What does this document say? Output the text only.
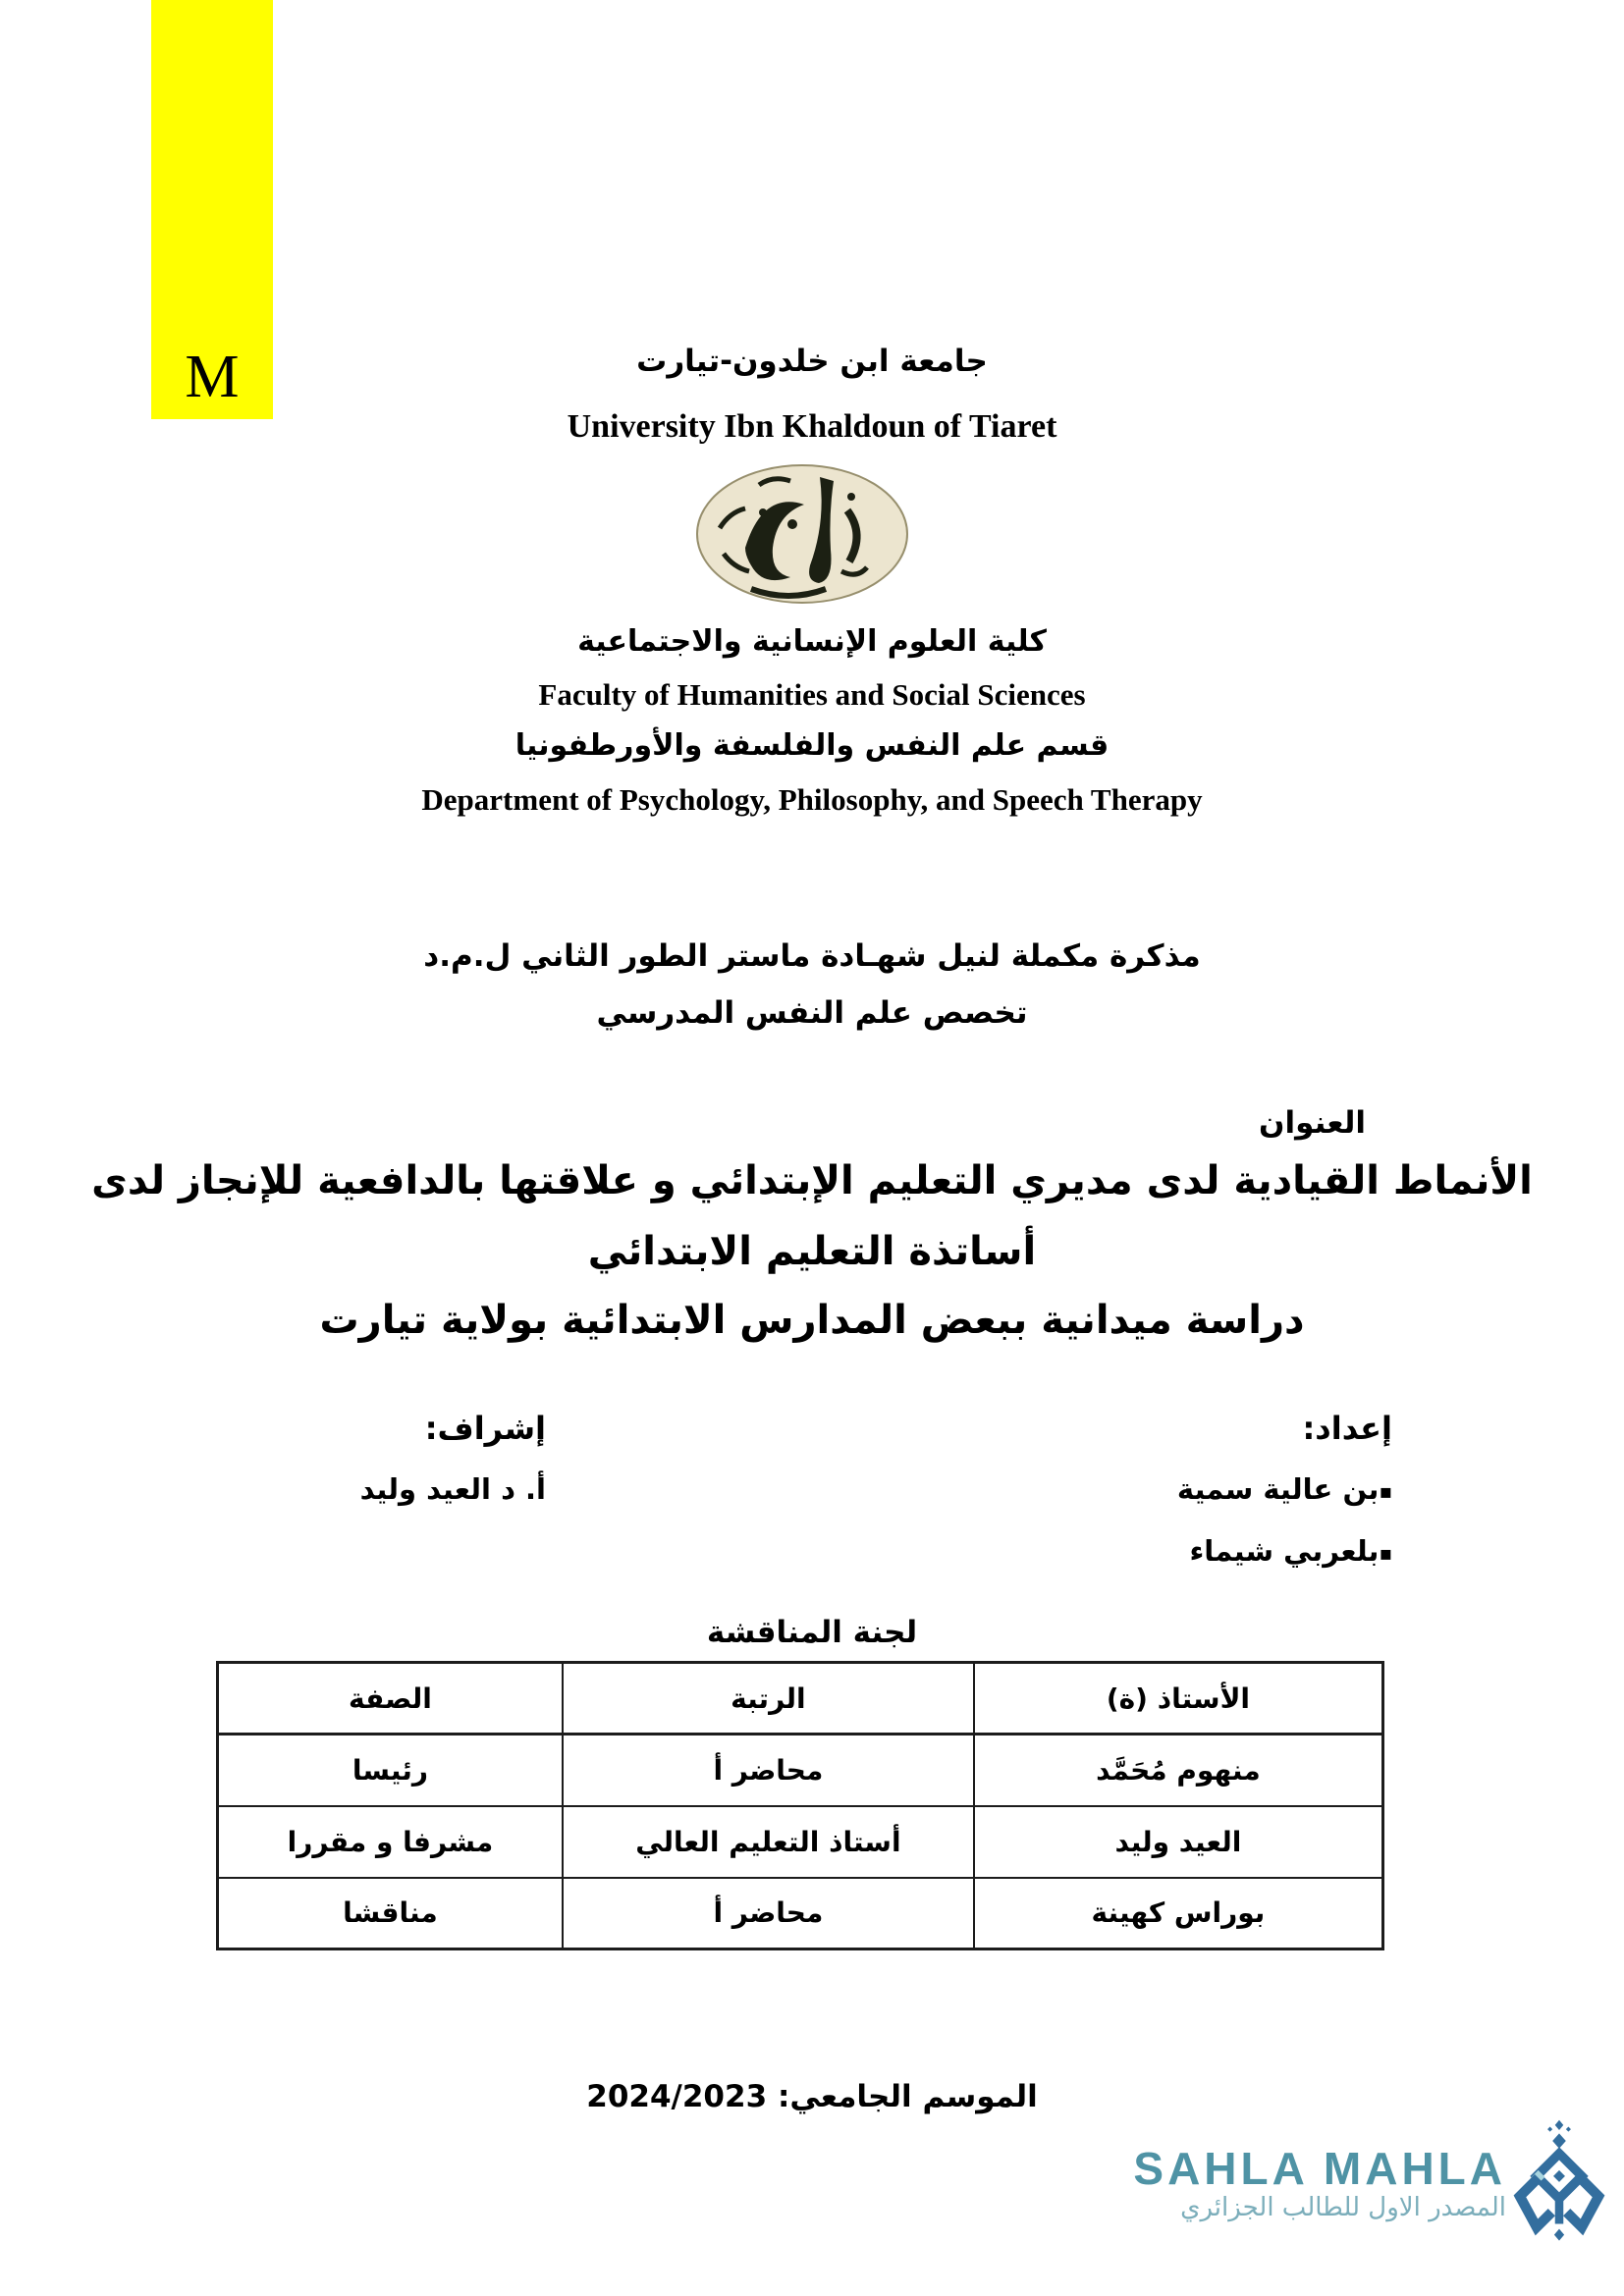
M	جامعة ابن خلدون-تيارت
University Ibn Khaldoun of Tiaret
كلية العلوم الإنسانية والاجتماعية
Faculty of Humanities and Social Sciences
قسم علم النفس والفلسفة والأورطفونيا
Department of Psychology, Philosophy, and Speech Therapy
مذكرة مكملة لنيل شهـادة ماستر الطور الثاني ل.م.د
تخصص علم النفس المدرسي
العنوان
الأنماط القيادية لدى مديري التعليم الإبتدائي و علاقتها بالدافعية للإنجاز لدى
أساتذة التعليم الابتدائي
دراسة ميدانية ببعض المدارس الابتدائية بولاية تيارت
إعداد:
▪بن عالية سمية
▪بلعربي شيماء
إشراف:
أ. د العيد وليد
لجنة المناقشة
الأستاذ (ة)	الرتبة	الصفة
منهوم مُحَمَّد	محاضر أ	رئيسا
العيد وليد	أستاذ التعليم العالي	مشرفا و مقررا
بوراس كهينة	محاضر أ	مناقشا
الموسم الجامعي: 2024/2023
SAHLA MAHLA
المصدر الاول للطالب الجزائري
